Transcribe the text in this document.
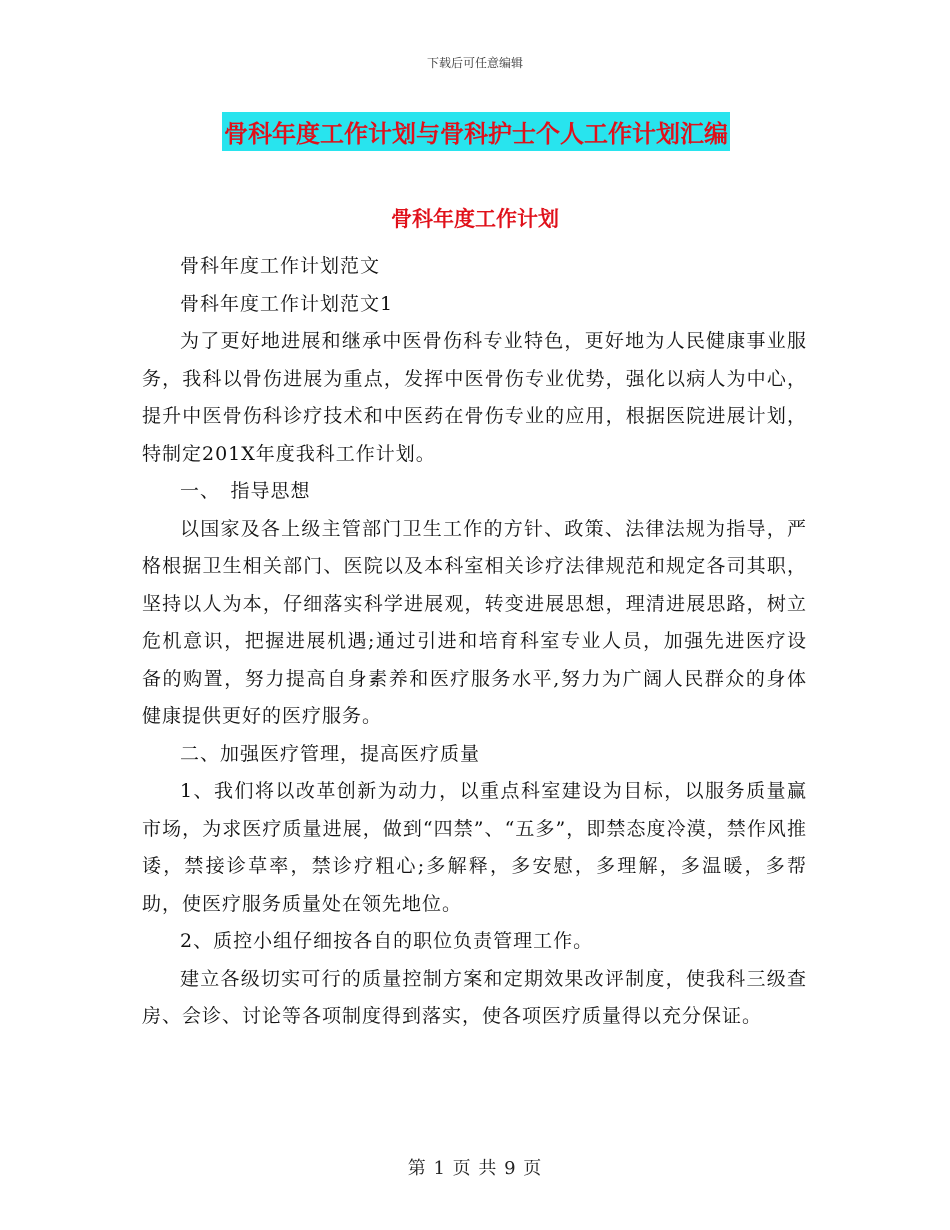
下载后可任意编辑
骨科年度工作计划与骨科护士个人工作计划汇编
骨科年度工作计划

骨科年度工作计划范文

骨科年度工作计划范文1

为了更好地进展和继承中医骨伤科专业特色，更好地为人民健康事业服务，我科以骨伤进展为重点，发挥中医骨伤专业优势，强化以病人为中心，提升中医骨伤科诊疗技术和中医药在骨伤专业的应用，根据医院进展计划，特制定201X年度我科工作计划。

一、　指导思想

以国家及各上级主管部门卫生工作的方针、政策、法律法规为指导，严格根据卫生相关部门、医院以及本科室相关诊疗法律规范和规定各司其职，坚持以人为本，仔细落实科学进展观，转变进展思想，理清进展思路，树立危机意识，把握进展机遇;通过引进和培育科室专业人员，加强先进医疗设备的购置，努力提高自身素养和医疗服务水平,努力为广阔人民群众的身体健康提供更好的医疗服务。

二、加强医疗管理，提高医疗质量

1、我们将以改革创新为动力，以重点科室建设为目标，以服务质量赢市场，为求医疗质量进展，做到“四禁”、“五多”，即禁态度冷漠，禁作风推诿，禁接诊草率，禁诊疗粗心;多解释，多安慰，多理解，多温暖，多帮助，使医疗服务质量处在领先地位。

2、质控小组仔细按各自的职位负责管理工作。

建立各级切实可行的质量控制方案和定期效果改评制度，使我科三级查房、会诊、讨论等各项制度得到落实，使各项医疗质量得以充分保证。

第 1 页 共 9 页
